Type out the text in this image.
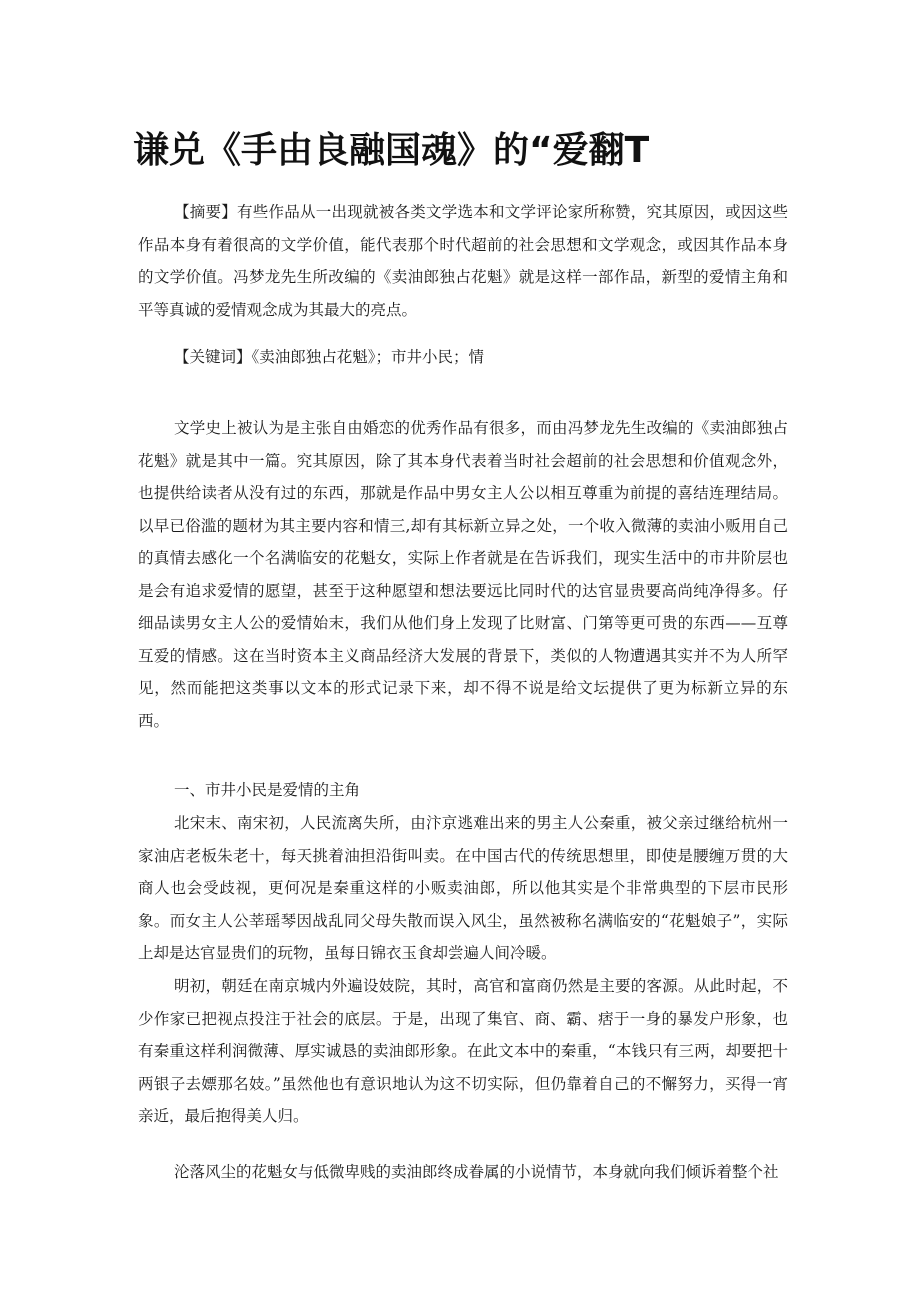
谦兑《手由良融国魂》的“爱翻T
【摘要】有些作品从一出现就被各类文学选本和文学评论家所称赞，究其原因，或因这些作品本身有着很高的文学价值，能代表那个时代超前的社会思想和文学观念，或因其作品本身的文学价值。冯梦龙先生所改编的《卖油郎独占花魁》就是这样一部作品，新型的爱情主角和平等真诚的爱情观念成为其最大的亮点。
【关键词】《卖油郎独占花魁》；市井小民；情
文学史上被认为是主张自由婚恋的优秀作品有很多，而由冯梦龙先生改编的《卖油郎独占花魁》就是其中一篇。究其原因，除了其本身代表着当时社会超前的社会思想和价值观念外，也提供给读者从没有过的东西，那就是作品中男女主人公以相互尊重为前提的喜结连理结局。以早已俗滥的题材为其主要内容和情三,却有其标新立异之处，一个收入微薄的卖油小贩用自己的真情去感化一个名满临安的花魁女，实际上作者就是在告诉我们，现实生活中的市井阶层也是会有追求爱情的愿望，甚至于这种愿望和想法要远比同时代的达官显贵要高尚纯净得多。仔细品读男女主人公的爱情始末，我们从他们身上发现了比财富、门第等更可贵的东西——互尊互爱的情感。这在当时资本主义商品经济大发展的背景下，类似的人物遭遇其实并不为人所罕见，然而能把这类事以文本的形式记录下来，却不得不说是给文坛提供了更为标新立异的东西。
一、市井小民是爱情的主角
北宋末、南宋初，人民流离失所，由汴京逃难出来的男主人公秦重，被父亲过继给杭州一家油店老板朱老十，每天挑着油担沿街叫卖。在中国古代的传统思想里，即使是腰缠万贯的大商人也会受歧视，更何况是秦重这样的小贩卖油郎，所以他其实是个非常典型的下层市民形象。而女主人公莘瑶琴因战乱同父母失散而误入风尘，虽然被称名满临安的“花魁娘子”，实际上却是达官显贵们的玩物，虽每日锦衣玉食却尝遍人间冷暖。
明初，朝廷在南京城内外遍设妓院，其时，高官和富商仍然是主要的客源。从此时起，不少作家已把视点投注于社会的底层。于是，出现了集官、商、霸、痞于一身的暴发户形象，也有秦重这样利润微薄、厚实诚恳的卖油郎形象。在此文本中的秦重，“本钱只有三两，却要把十两银子去嫖那名妓。”虽然他也有意识地认为这不切实际，但仍靠着自己的不懈努力，买得一宵亲近，最后抱得美人归。
沦落风尘的花魁女与低微卑贱的卖油郎终成眷属的小说情节，本身就向我们倾诉着整个社
